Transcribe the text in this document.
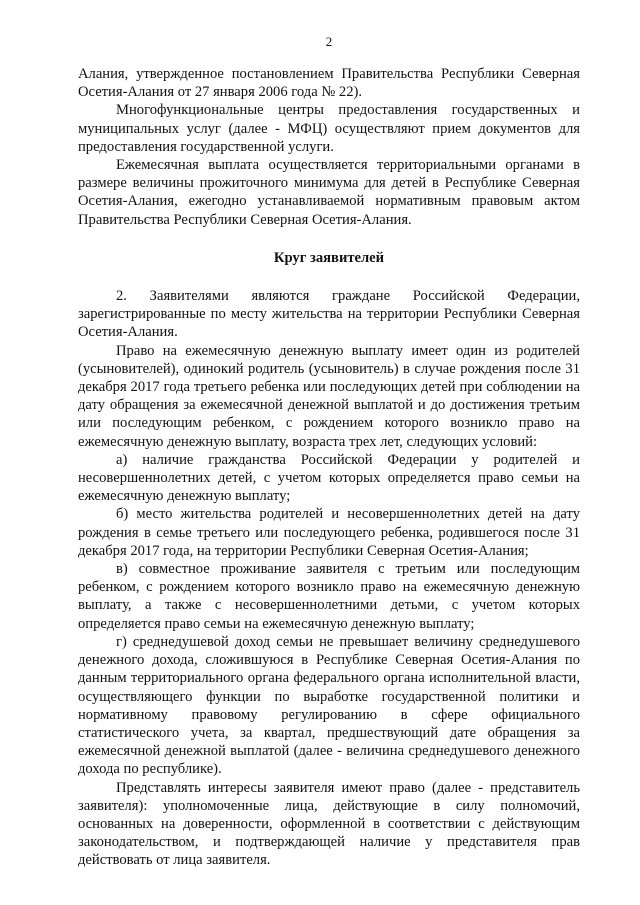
2

Алания, утвержденное постановлением Правительства Республики Северная Осетия-Алания от 27 января 2006 года № 22).

Многофункциональные центры предоставления государственных и муниципальных услуг (далее - МФЦ) осуществляют прием документов для предоставления государственной услуги.

Ежемесячная выплата осуществляется территориальными органами в размере величины прожиточного минимума для детей в Республике Северная Осетия-Алания, ежегодно устанавливаемой нормативным правовым актом Правительства Республики Северная Осетия-Алания.

Круг заявителей

2. Заявителями являются граждане Российской Федерации, зарегистрированные по месту жительства на территории Республики Северная Осетия-Алания.

Право на ежемесячную денежную выплату имеет один из родителей (усыновителей), одинокий родитель (усыновитель) в случае рождения после 31 декабря 2017 года третьего ребенка или последующих детей при соблюдении на дату обращения за ежемесячной денежной выплатой и до достижения третьим или последующим ребенком, с рождением которого возникло право на ежемесячную денежную выплату, возраста трех лет, следующих условий:

а) наличие гражданства Российской Федерации у родителей и несовершеннолетних детей, с учетом которых определяется право семьи на ежемесячную денежную выплату;

б) место жительства родителей и несовершеннолетних детей на дату рождения в семье третьего или последующего ребенка, родившегося после 31 декабря 2017 года, на территории Республики Северная Осетия-Алания;

в) совместное проживание заявителя с третьим или последующим ребенком, с рождением которого возникло право на ежемесячную денежную выплату, а также с несовершеннолетними детьми, с учетом которых определяется право семьи на ежемесячную денежную выплату;

г) среднедушевой доход семьи не превышает величину среднедушевого денежного дохода, сложившуюся в Республике Северная Осетия-Алания по данным территориального органа федерального органа исполнительной власти, осуществляющего функции по выработке государственной политики и нормативному правовому регулированию в сфере официального статистического учета, за квартал, предшествующий дате обращения за ежемесячной денежной выплатой (далее - величина среднедушевого денежного дохода по республике).

Представлять интересы заявителя имеют право (далее - представитель заявителя): уполномоченные лица, действующие в силу полномочий, основанных на доверенности, оформленной в соответствии с действующим законодательством, и подтверждающей наличие у представителя прав действовать от лица заявителя.
